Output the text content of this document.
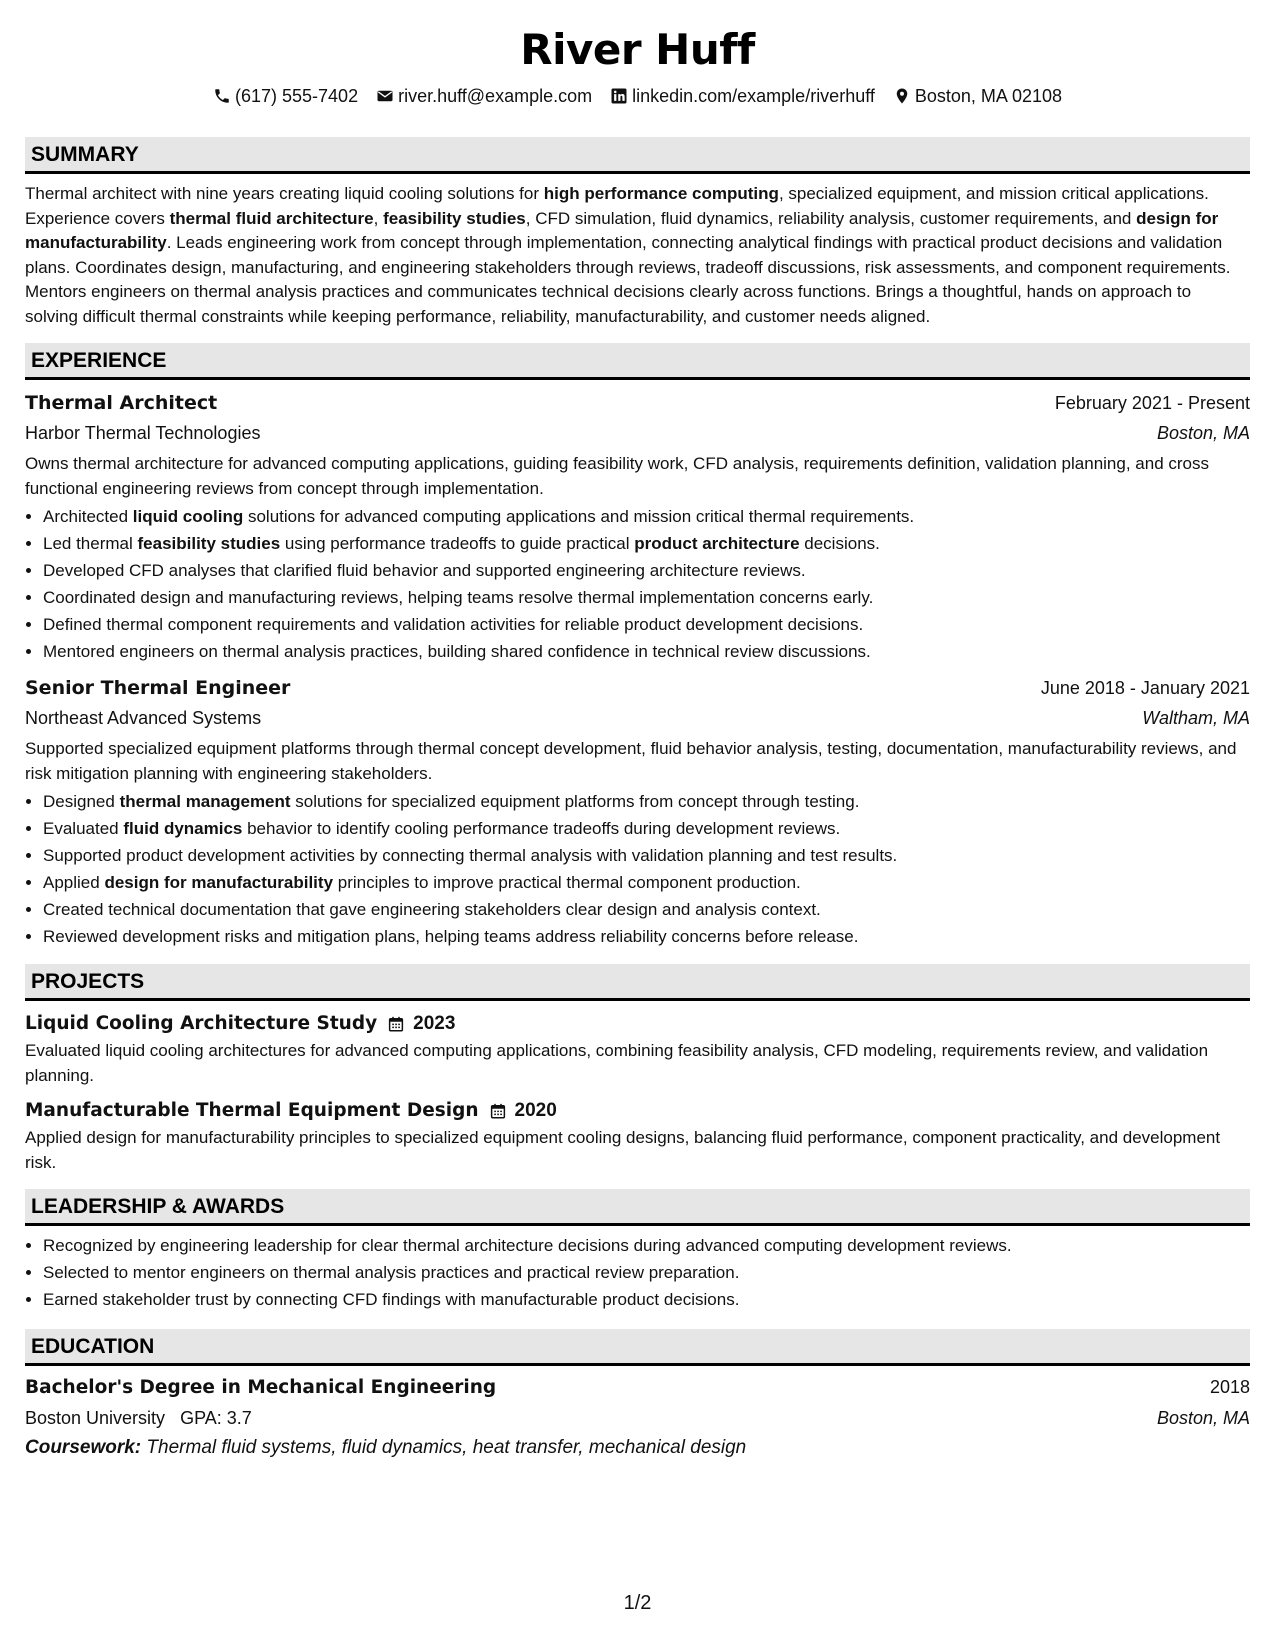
River Huff
(617) 555-7402 river.huff@example.com linkedin.com/example/riverhuff Boston, MA 02108
SUMMARY
Thermal architect with nine years creating liquid cooling solutions for high performance computing, specialized equipment, and mission critical applications. Experience covers thermal fluid architecture, feasibility studies, CFD simulation, fluid dynamics, reliability analysis, customer requirements, and design for manufacturability. Leads engineering work from concept through implementation, connecting analytical findings with practical product decisions and validation plans. Coordinates design, manufacturing, and engineering stakeholders through reviews, tradeoff discussions, risk assessments, and component requirements. Mentors engineers on thermal analysis practices and communicates technical decisions clearly across functions. Brings a thoughtful, hands on approach to solving difficult thermal constraints while keeping performance, reliability, manufacturability, and customer needs aligned.
EXPERIENCE
Thermal Architect	February 2021 - Present
Harbor Thermal Technologies	Boston, MA
Owns thermal architecture for advanced computing applications, guiding feasibility work, CFD analysis, requirements definition, validation planning, and cross functional engineering reviews from concept through implementation.
• Architected liquid cooling solutions for advanced computing applications and mission critical thermal requirements.
• Led thermal feasibility studies using performance tradeoffs to guide practical product architecture decisions.
• Developed CFD analyses that clarified fluid behavior and supported engineering architecture reviews.
• Coordinated design and manufacturing reviews, helping teams resolve thermal implementation concerns early.
• Defined thermal component requirements and validation activities for reliable product development decisions.
• Mentored engineers on thermal analysis practices, building shared confidence in technical review discussions.
Senior Thermal Engineer	June 2018 - January 2021
Northeast Advanced Systems	Waltham, MA
Supported specialized equipment platforms through thermal concept development, fluid behavior analysis, testing, documentation, manufacturability reviews, and risk mitigation planning with engineering stakeholders.
• Designed thermal management solutions for specialized equipment platforms from concept through testing.
• Evaluated fluid dynamics behavior to identify cooling performance tradeoffs during development reviews.
• Supported product development activities by connecting thermal analysis with validation planning and test results.
• Applied design for manufacturability principles to improve practical thermal component production.
• Created technical documentation that gave engineering stakeholders clear design and analysis context.
• Reviewed development risks and mitigation plans, helping teams address reliability concerns before release.
PROJECTS
Liquid Cooling Architecture Study 2023
Evaluated liquid cooling architectures for advanced computing applications, combining feasibility analysis, CFD modeling, requirements review, and validation planning.
Manufacturable Thermal Equipment Design 2020
Applied design for manufacturability principles to specialized equipment cooling designs, balancing fluid performance, component practicality, and development risk.
LEADERSHIP & AWARDS
• Recognized by engineering leadership for clear thermal architecture decisions during advanced computing development reviews.
• Selected to mentor engineers on thermal analysis practices and practical review preparation.
• Earned stakeholder trust by connecting CFD findings with manufacturable product decisions.
EDUCATION
Bachelor's Degree in Mechanical Engineering	2018
Boston University GPA: 3.7	Boston, MA
Coursework: Thermal fluid systems, fluid dynamics, heat transfer, mechanical design
1/2
